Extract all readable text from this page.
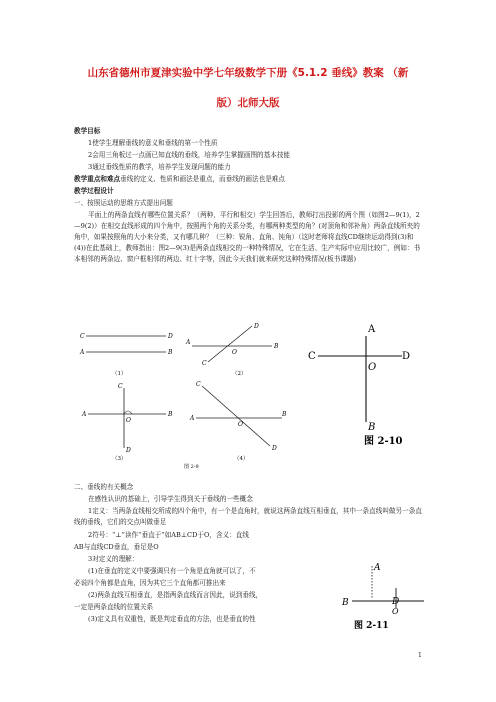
山东省德州市夏津实验中学七年级数学下册《5.1.2 垂线》教案 （新
版）北师大版
教学目标
1使学生理解垂线的意义和垂线的第一个性质
2会用三角板过一点画已知直线的垂线，培养学生掌握画图的基本技能
3通过垂线性质的教学，培养学生发现问题的能力
教学重点和难点垂线的定义、性质和画法是重点，而垂线的画法也是难点
教学过程设计
一、按照运动的思维方式提出问题
平面上的两条直线有哪些位置关系？（两种，平行和相交）学生回答后，教师打出投影的两个图（如图2—9(1)，2—9(2)）在相交直线形成的四个角中，按照两个角的关系分类，有哪两种类型的角？(对顶角和邻补角）两条直线所夹的角中，如果按照角的大小来分类，又有哪几种？（三种：锐角、直角、钝角）（这时老师将直线CD继续运动得到(3)和(4))在此基础上，教师指出：图2—9(3)是两条直线相交的一种特殊情况，它在生活、生产实际中应用比较广，例如：书本相邻的两条边、窗户框相邻的两边、红十字等，因此今天我们就来研究这种特殊情况(板书课题)
C	D
A	B
（1）
A
O
D
C
B
（2）
C
A
O
B
D
（3）
C
A
B
O
D
（4）
图 2-9
A
C
O
D
B
图 2-10
二、垂线的有关概念
在感性认识的基础上，引导学生得到关于垂线的一些概念
1定义：当两条直线相交所成的四个角中，有一个是直角时，就说这两条直线互相垂直，其中一条直线叫做另一条直线的垂线，它们的交点叫做垂足
2符号：“⊥”读作“垂直于”如AB⊥CD于O，含义：直线
AB与直线CD垂直，垂足是O
3对定义的理解：
(1)在垂直的定义中要强调只有一个角是直角就可以了，不
必说四个角都是直角，因为其它三个直角都可推出来
(2)两条直线互相垂直，是指两条直线而言因此，说到垂线，
一定是两条直线的位置关系
(3)定义具有双重性，既是判定垂直的方法，也是垂直的性
A
B	D
O
图 2-11
1
